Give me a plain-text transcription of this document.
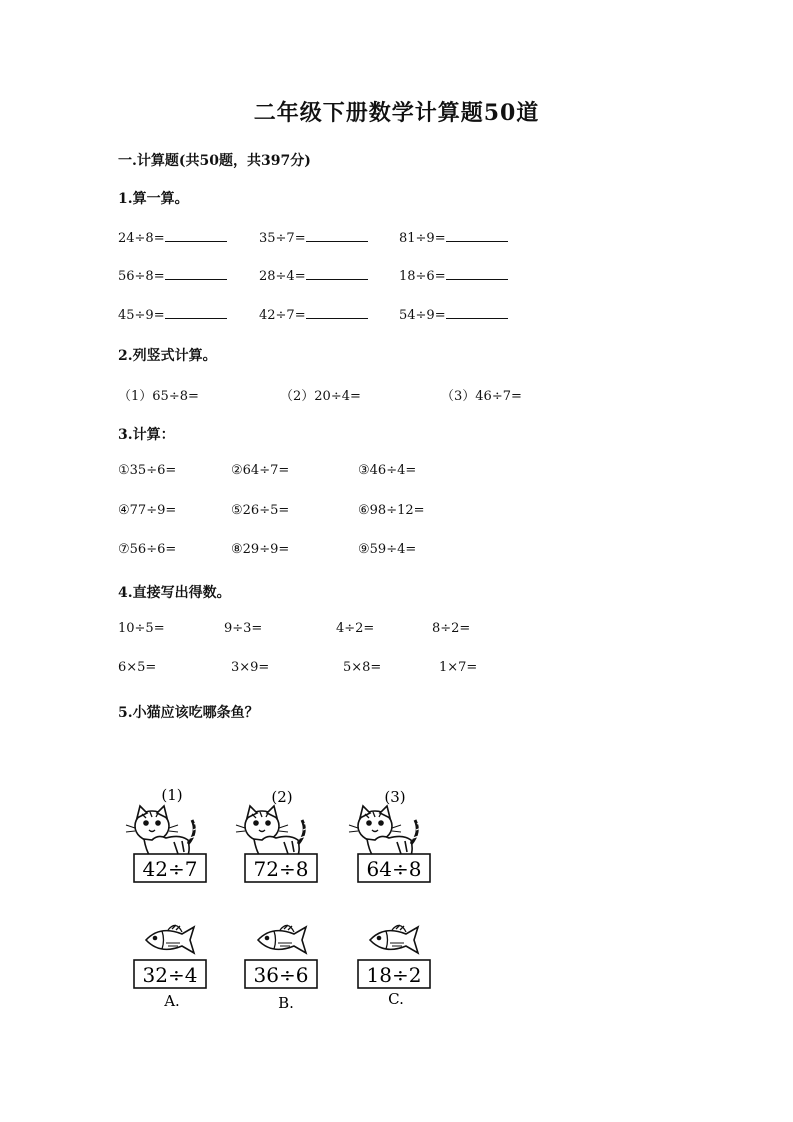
二年级下册数学计算题50道
一.计算题(共50题，共397分)
1.算一算。
24÷8=	35÷7=	81÷9=
56÷8=	28÷4=	18÷6=
45÷9=	42÷7=	54÷9=
2.列竖式计算。
（1）65÷8=	（2）20÷4=	（3）46÷7=
3.计算：
①35÷6=	②64÷7=	③46÷4=
④77÷9=	⑤26÷5=	⑥98÷12=
⑦56÷6=	⑧29÷9=	⑨59÷4=
4.直接写出得数。
10÷5=	9÷3=	4÷2=	8÷2=
6×5=	3×9=	5×8=	1×7=
5.小猫应该吃哪条鱼？
(1)
42÷7
(2)
72÷8
(3)
64÷8
32÷4
A.
36÷6
B.
18÷2
C.
